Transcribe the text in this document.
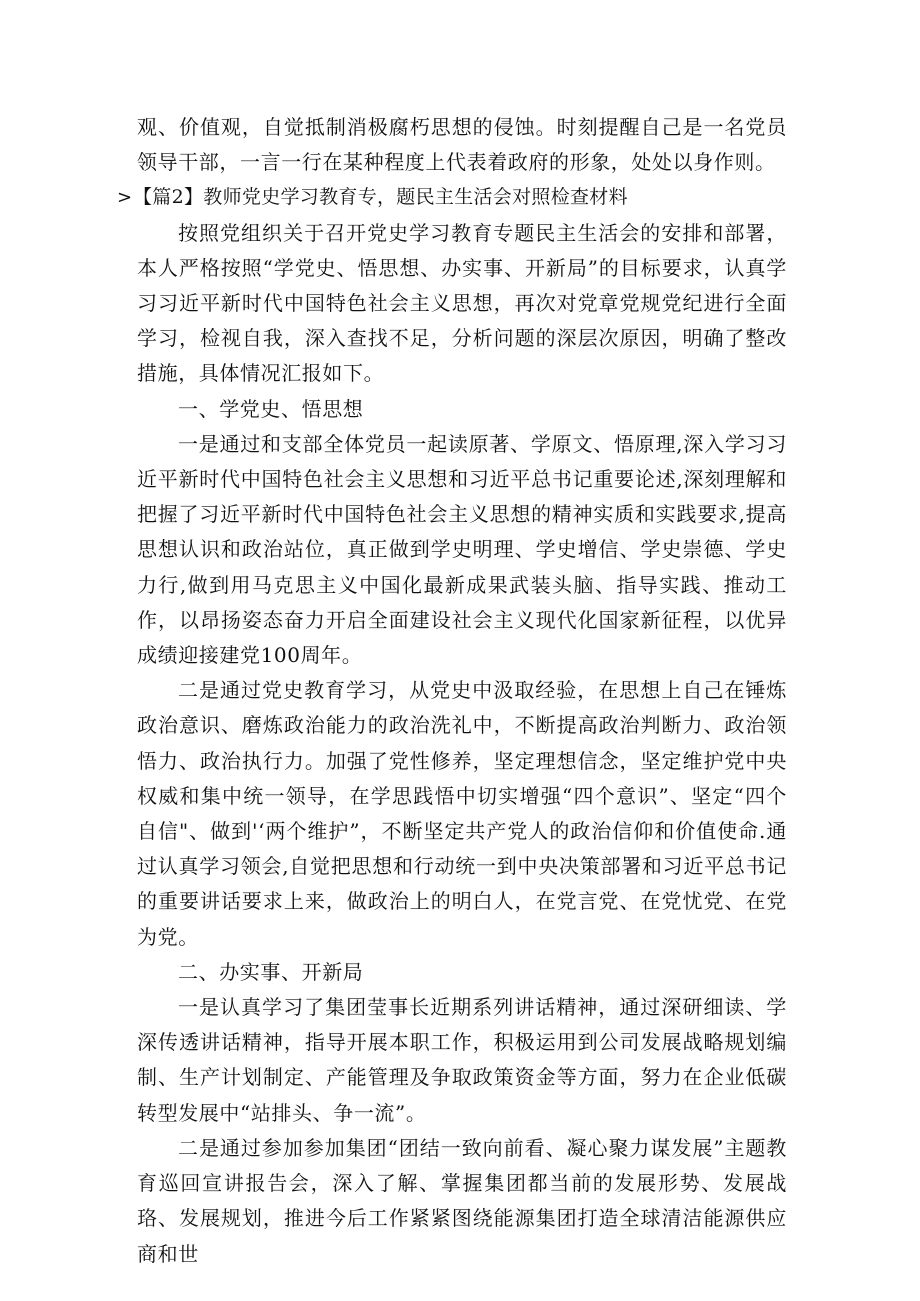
观、价值观，自觉抵制消极腐朽思想的侵蚀。时刻提醒自己是一名党员领导干部，一言一行在某种程度上代表着政府的形象，处处以身作则。

>【篇2】教师党史学习教育专，题民主生活会对照检查材料

按照党组织关于召开党史学习教育专题民主生活会的安排和部署，本人严格按照“学党史、悟思想、办实事、开新局”的目标要求，认真学习习近平新时代中国特色社会主义思想，再次对党章党规党纪进行全面学习，检视自我，深入查找不足，分析问题的深层次原因，明确了整改措施，具体情况汇报如下。

一、学党史、悟思想

一是通过和支部全体党员一起读原著、学原文、悟原理,深入学习习近平新时代中国特色社会主义思想和习近平总书记重要论述,深刻理解和把握了习近平新时代中国特色社会主义思想的精神实质和实践要求,提高思想认识和政治站位，真正做到学史明理、学史增信、学史崇德、学史力行,做到用马克思主义中国化最新成果武装头脑、指导实践、推动工作，以昂扬姿态奋力开启全面建设社会主义现代化国家新征程，以优异成绩迎接建党100周年。

二是通过党史教育学习，从党史中汲取经验，在思想上自己在锤炼政治意识、磨炼政治能力的政治洗礼中，不断提高政治判断力、政治领悟力、政治执行力。加强了党性修养，坚定理想信念，坚定维护党中央权威和集中统一领导，在学思践悟中切实增强“四个意识”、坚定“四个自信"、做到'‘两个维护”，不断坚定共产党人的政治信仰和价值使命.通过认真学习领会,自觉把思想和行动统一到中央决策部署和习近平总书记的重要讲话要求上来，做政治上的明白人，在党言党、在党忧党、在党为党。

二、办实事、开新局

一是认真学习了集团莹事长近期系列讲话精神，通过深研细读、学深传透讲话精神，指导开展本职工作，积极运用到公司发展战略规划编制、生产计划制定、产能管理及争取政策资金等方面，努力在企业低碳转型发展中“站排头、争一流”。

二是通过参加参加集团“团结一致向前看、凝心聚力谋发展”主题教育巡回宣讲报告会，深入了解、掌握集团都当前的发展形势、发展战珞、发展规划，推进今后工作紧紧图绕能源集团打造全球清洁能源供应商和世
